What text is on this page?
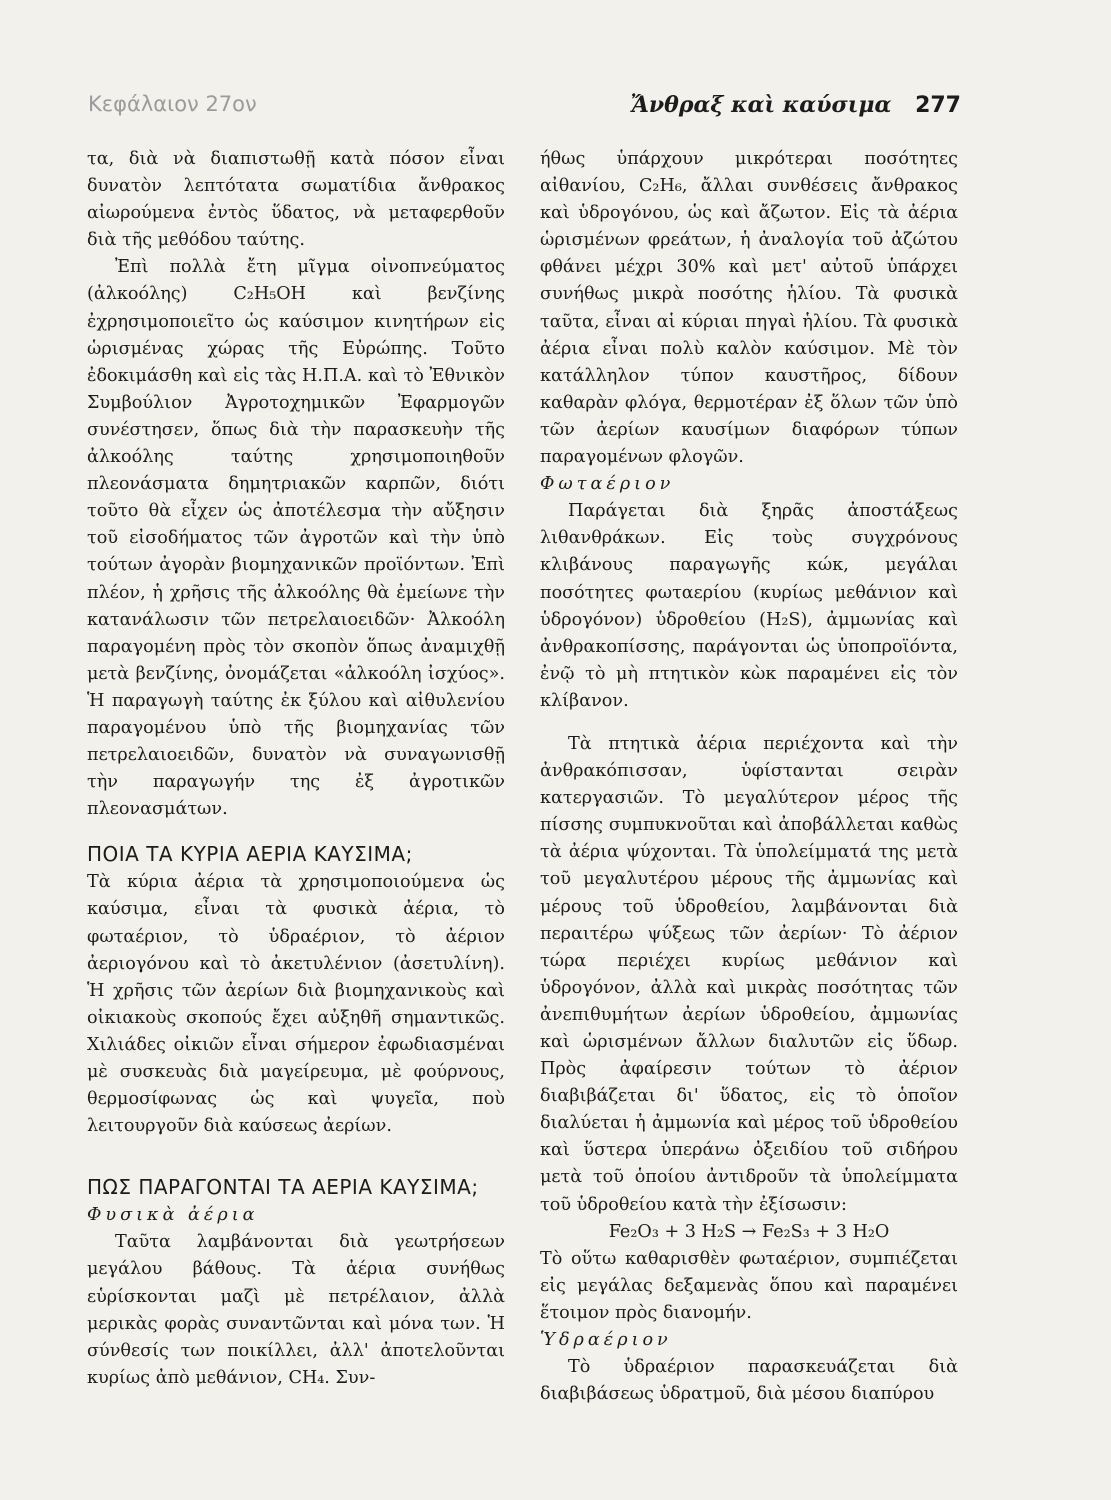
Κεφάλαιον 27ον	Ἄνθραξ καὶ καύσιμα 277

τα, διὰ νὰ διαπιστωθῇ κατὰ πόσον εἶναι δυνατὸν λεπτότατα σωματίδια ἄνθρακος αἰωρούμενα ἐντὸς ὕδατος, νὰ μεταφερθοῦν διὰ τῆς μεθόδου ταύτης.

Ἐπὶ πολλὰ ἔτη μῖγμα οἰνοπνεύματος (ἀλκοόλης) C₂H₅OH καὶ βενζίνης ἐχρησιμοποιεῖτο ὡς καύσιμον κινητήρων εἰς ὡρισμένας χώρας τῆς Εὐρώπης. Τοῦτο ἐδοκιμάσθη καὶ εἰς τὰς Η.Π.Α. καὶ τὸ Ἐθνικὸν Συμβούλιον Ἀγροτοχημικῶν Ἐφαρμογῶν συνέστησεν, ὅπως διὰ τὴν παρασκευὴν τῆς ἀλκοόλης ταύτης χρησιμοποιηθοῦν πλεονάσματα δημητριακῶν καρπῶν, διότι τοῦτο θὰ εἶχεν ὡς ἀποτέλεσμα τὴν αὔξησιν τοῦ εἰσοδήματος τῶν ἀγροτῶν καὶ τὴν ὑπὸ τούτων ἀγορὰν βιομηχανικῶν προϊόντων. Ἐπὶ πλέον, ἡ χρῆσις τῆς ἀλκοόλης θὰ ἐμείωνε τὴν κατανάλωσιν τῶν πετρελαιοειδῶν· Ἀλκοόλη παραγομένη πρὸς τὸν σκοπὸν ὅπως ἀναμιχθῇ μετὰ βενζίνης, ὀνομάζεται «ἀλκοόλη ἰσχύος». Ἡ παραγωγὴ ταύτης ἐκ ξύλου καὶ αἰθυλενίου παραγομένου ὑπὸ τῆς βιομηχανίας τῶν πετρελαιοειδῶν, δυνατὸν νὰ συναγωνισθῇ τὴν παραγωγήν της ἐξ ἀγροτικῶν πλεονασμάτων.

ΠΟΙΑ ΤΑ ΚΥΡΙΑ ΑΕΡΙΑ ΚΑΥΣΙΜΑ;

Τὰ κύρια ἀέρια τὰ χρησιμοποιούμενα ὡς καύσιμα, εἶναι τὰ φυσικὰ ἀέρια, τὸ φωταέριον, τὸ ὑδραέριον, τὸ ἀέριον ἀεριογόνου καὶ τὸ ἀκετυλένιον (ἀσετυλίνη). Ἡ χρῆσις τῶν ἀερίων διὰ βιομηχανικοὺς καὶ οἰκιακοὺς σκοπούς ἔχει αὐξηθῆ σημαντικῶς. Χιλιάδες οἰκιῶν εἶναι σήμερον ἐφωδιασμέναι μὲ συσκευὰς διὰ μαγείρευμα, μὲ φούρνους, θερμοσίφωνας ὡς καὶ ψυγεῖα, ποὺ λειτουργοῦν διὰ καύσεως ἀερίων.

ΠΩΣ ΠΑΡΑΓΟΝΤΑΙ ΤΑ ΑΕΡΙΑ ΚΑΥΣΙΜΑ;

Φυσικὰ ἀέρια

Ταῦτα λαμβάνονται διὰ γεωτρήσεων μεγάλου βάθους. Τὰ ἀέρια συνήθως εὑρίσκονται μαζὶ μὲ πετρέλαιον, ἀλλὰ μερικὰς φορὰς συναντῶνται καὶ μόνα των. Ἡ σύνθεσίς των ποικίλλει, ἀλλ' ἀποτελοῦνται κυρίως ἀπὸ μεθάνιον, CH₄. Συν-

ήθως ὑπάρχουν μικρότεραι ποσότητες αἰθανίου, C₂H₆, ἄλλαι συνθέσεις ἄνθρακος καὶ ὑδρογόνου, ὡς καὶ ἄζωτον. Εἰς τὰ ἀέρια ὡρισμένων φρεάτων, ἡ ἀναλογία τοῦ ἀζώτου φθάνει μέχρι 30% καὶ μετ' αὐτοῦ ὑπάρχει συνήθως μικρὰ ποσότης ἡλίου. Τὰ φυσικὰ ταῦτα, εἶναι αἱ κύριαι πηγαὶ ἡλίου. Τὰ φυσικὰ ἀέρια εἶναι πολὺ καλὸν καύσιμον. Μὲ τὸν κατάλληλον τύπον καυστῆρος, δίδουν καθαρὰν φλόγα, θερμοτέραν ἐξ ὅλων τῶν ὑπὸ τῶν ἀερίων καυσίμων διαφόρων τύπων παραγομένων φλογῶν.

Φωταέριον

Παράγεται διὰ ξηρᾶς ἀποστάξεως λιθανθράκων. Εἰς τοὺς συγχρόνους κλιβάνους παραγωγῆς κώκ, μεγάλαι ποσότητες φωταερίου (κυρίως μεθάνιον καὶ ὑδρογόνον) ὑδροθείου (H₂S), ἀμμωνίας καὶ ἀνθρακοπίσσης, παράγονται ὡς ὑποπροϊόντα, ἐνῷ τὸ μὴ πτητικὸν κὼκ παραμένει εἰς τὸν κλίβανον.

Τὰ πτητικὰ ἀέρια περιέχοντα καὶ τὴν ἀνθρακόπισσαν, ὑφίστανται σειρὰν κατεργασιῶν. Τὸ μεγαλύτερον μέρος τῆς πίσσης συμπυκνοῦται καὶ ἀποβάλλεται καθὼς τὰ ἀέρια ψύχονται. Τὰ ὑπολείμματά της μετὰ τοῦ μεγαλυτέρου μέρους τῆς ἀμμωνίας καὶ μέρους τοῦ ὑδροθείου, λαμβάνονται διὰ περαιτέρω ψύξεως τῶν ἀερίων· Τὸ ἀέριον τώρα περιέχει κυρίως μεθάνιον καὶ ὑδρογόνον, ἀλλὰ καὶ μικρὰς ποσότητας τῶν ἀνεπιθυμήτων ἀερίων ὑδροθείου, ἀμμωνίας καὶ ὡρισμένων ἄλλων διαλυτῶν εἰς ὕδωρ. Πρὸς ἀφαίρεσιν τούτων τὸ ἀέριον διαβιβάζεται δι' ὕδατος, εἰς τὸ ὁποῖον διαλύεται ἡ ἀμμωνία καὶ μέρος τοῦ ὑδροθείου καὶ ὕστερα ὑπεράνω ὀξειδίου τοῦ σιδήρου μετὰ τοῦ ὁποίου ἀντιδροῦν τὰ ὑπολείμματα τοῦ ὑδροθείου κατὰ τὴν ἐξίσωσιν:

Fe₂O₃ + 3 H₂S → Fe₂S₃ + 3 H₂O

Τὸ οὕτω καθαρισθὲν φωταέριον, συμπιέζεται εἰς μεγάλας δεξαμενὰς ὅπου καὶ παραμένει ἕτοιμον πρὸς διανομήν.

Ὑδραέριον

Τὸ ὑδραέριον παρασκευάζεται διὰ διαβιβάσεως ὑδρατμοῦ, διὰ μέσου διαπύρου
